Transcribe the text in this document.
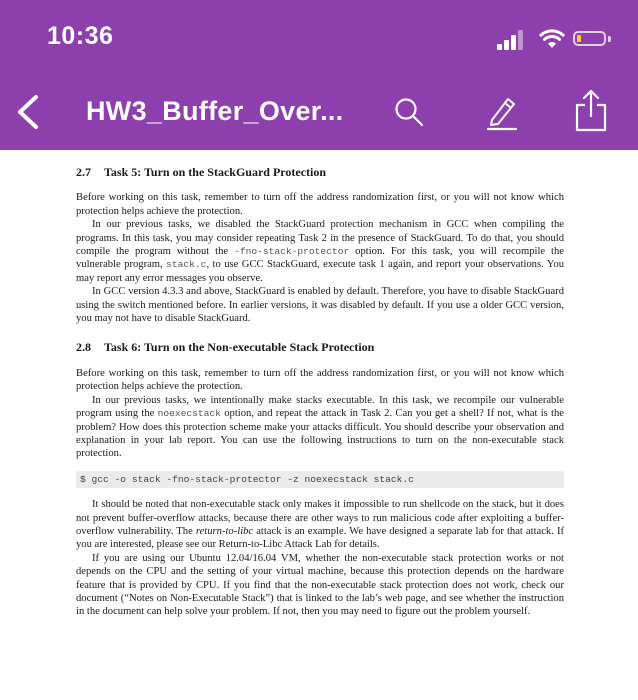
10:36
HW3_Buffer_Over...
2.7 Task 5: Turn on the StackGuard Protection

Before working on this task, remember to turn off the address randomization first, or you will not know which protection helps achieve the protection.

In our previous tasks, we disabled the StackGuard protection mechanism in GCC when compiling the programs. In this task, you may consider repeating Task 2 in the presence of StackGuard. To do that, you should compile the program without the -fno-stack-protector option. For this task, you will recompile the vulnerable program, stack.c, to use GCC StackGuard, execute task 1 again, and report your observations. You may report any error messages you observe.

In GCC version 4.3.3 and above, StackGuard is enabled by default. Therefore, you have to disable StackGuard using the switch mentioned before. In earlier versions, it was disabled by default. If you use a older GCC version, you may not have to disable StackGuard.

2.8 Task 6: Turn on the Non-executable Stack Protection

Before working on this task, remember to turn off the address randomization first, or you will not know which protection helps achieve the protection.

In our previous tasks, we intentionally make stacks executable. In this task, we recompile our vulnerable program using the noexecstack option, and repeat the attack in Task 2. Can you get a shell? If not, what is the problem? How does this protection scheme make your attacks difficult. You should describe your observation and explanation in your lab report. You can use the following instructions to turn on the non-executable stack protection.

$ gcc -o stack -fno-stack-protector -z noexecstack stack.c

It should be noted that non-executable stack only makes it impossible to run shellcode on the stack, but it does not prevent buffer-overflow attacks, because there are other ways to run malicious code after exploiting a buffer-overflow vulnerability. The return-to-libc attack is an example. We have designed a separate lab for that attack. If you are interested, please see our Return-to-Libc Attack Lab for details.

If you are using our Ubuntu 12.04/16.04 VM, whether the non-executable stack protection works or not depends on the CPU and the setting of your virtual machine, because this protection depends on the hardware feature that is provided by CPU. If you find that the non-executable stack protection does not work, check our document (“Notes on Non-Executable Stack”) that is linked to the lab’s web page, and see whether the instruction in the document can help solve your problem. If not, then you may need to figure out the problem yourself.
